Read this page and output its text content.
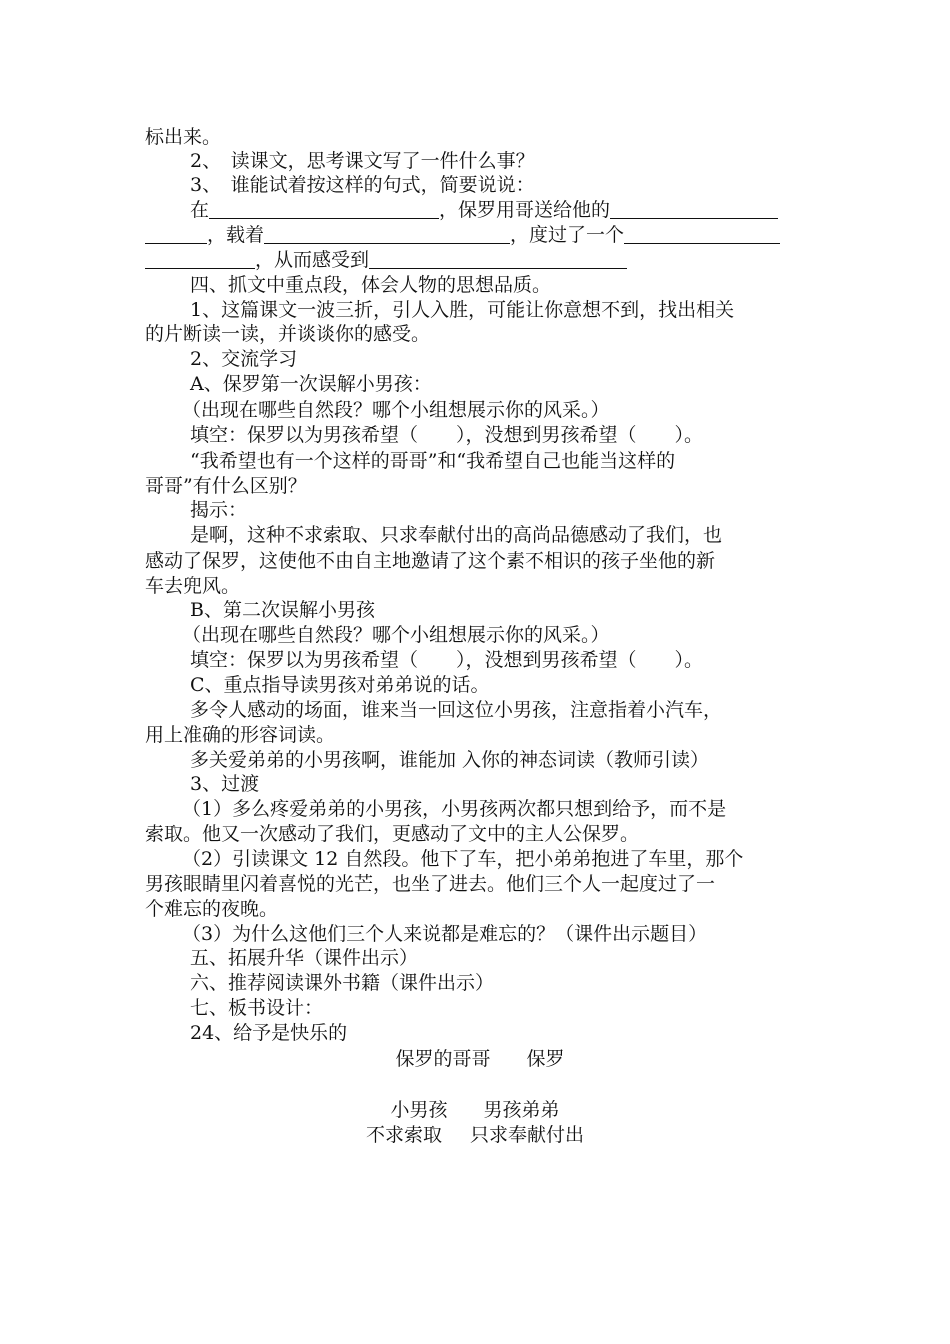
标出来。
2、　读课文，思考课文写了一件什么事？
3、　谁能试着按这样的句式，简要说说：
在	，保罗用哥送给他的
，载着	，度过了一个
，从而感受到
四、抓文中重点段，体会人物的思想品质。
1、这篇课文一波三折，引人入胜，可能让你意想不到，找出相关
的片断读一读，并谈谈你的感受。
2、交流学习
A、保罗第一次误解小男孩：
（出现在哪些自然段？哪个小组想展示你的风采。）
填空：保罗以为男孩希望（　　），没想到男孩希望（　　）。
“我希望也有一个这样的哥哥”和“我希望自己也能当这样的
哥哥”有什么区别？
揭示：
是啊，这种不求索取、只求奉献付出的高尚品德感动了我们，也
感动了保罗，这使他不由自主地邀请了这个素不相识的孩子坐他的新
车去兜风。
B、第二次误解小男孩
（出现在哪些自然段？哪个小组想展示你的风采。）
填空：保罗以为男孩希望（　　），没想到男孩希望（　　）。
C、重点指导读男孩对弟弟说的话。
多令人感动的场面，谁来当一回这位小男孩，注意指着小汽车，
用上准确的形容词读。
多关爱弟弟的小男孩啊，谁能加 入你的神态词读（教师引读）
3、过渡
（1）多么疼爱弟弟的小男孩，小男孩两次都只想到给予，而不是
索取。他又一次感动了我们，更感动了文中的主人公保罗。
（2）引读课文 12 自然段。他下了车，把小弟弟抱进了车里，那个
男孩眼睛里闪着喜悦的光芒，也坐了进去。他们三个人一起度过了一
个难忘的夜晚。
（3）为什么这他们三个人来说都是难忘的？（课件出示题目）
五、拓展升华（课件出示）
六、推荐阅读课外书籍（课件出示）
七、板书设计：
24、给予是快乐的
保罗的哥哥 保罗
小男孩 男孩弟弟
不求索取 只求奉献付出
